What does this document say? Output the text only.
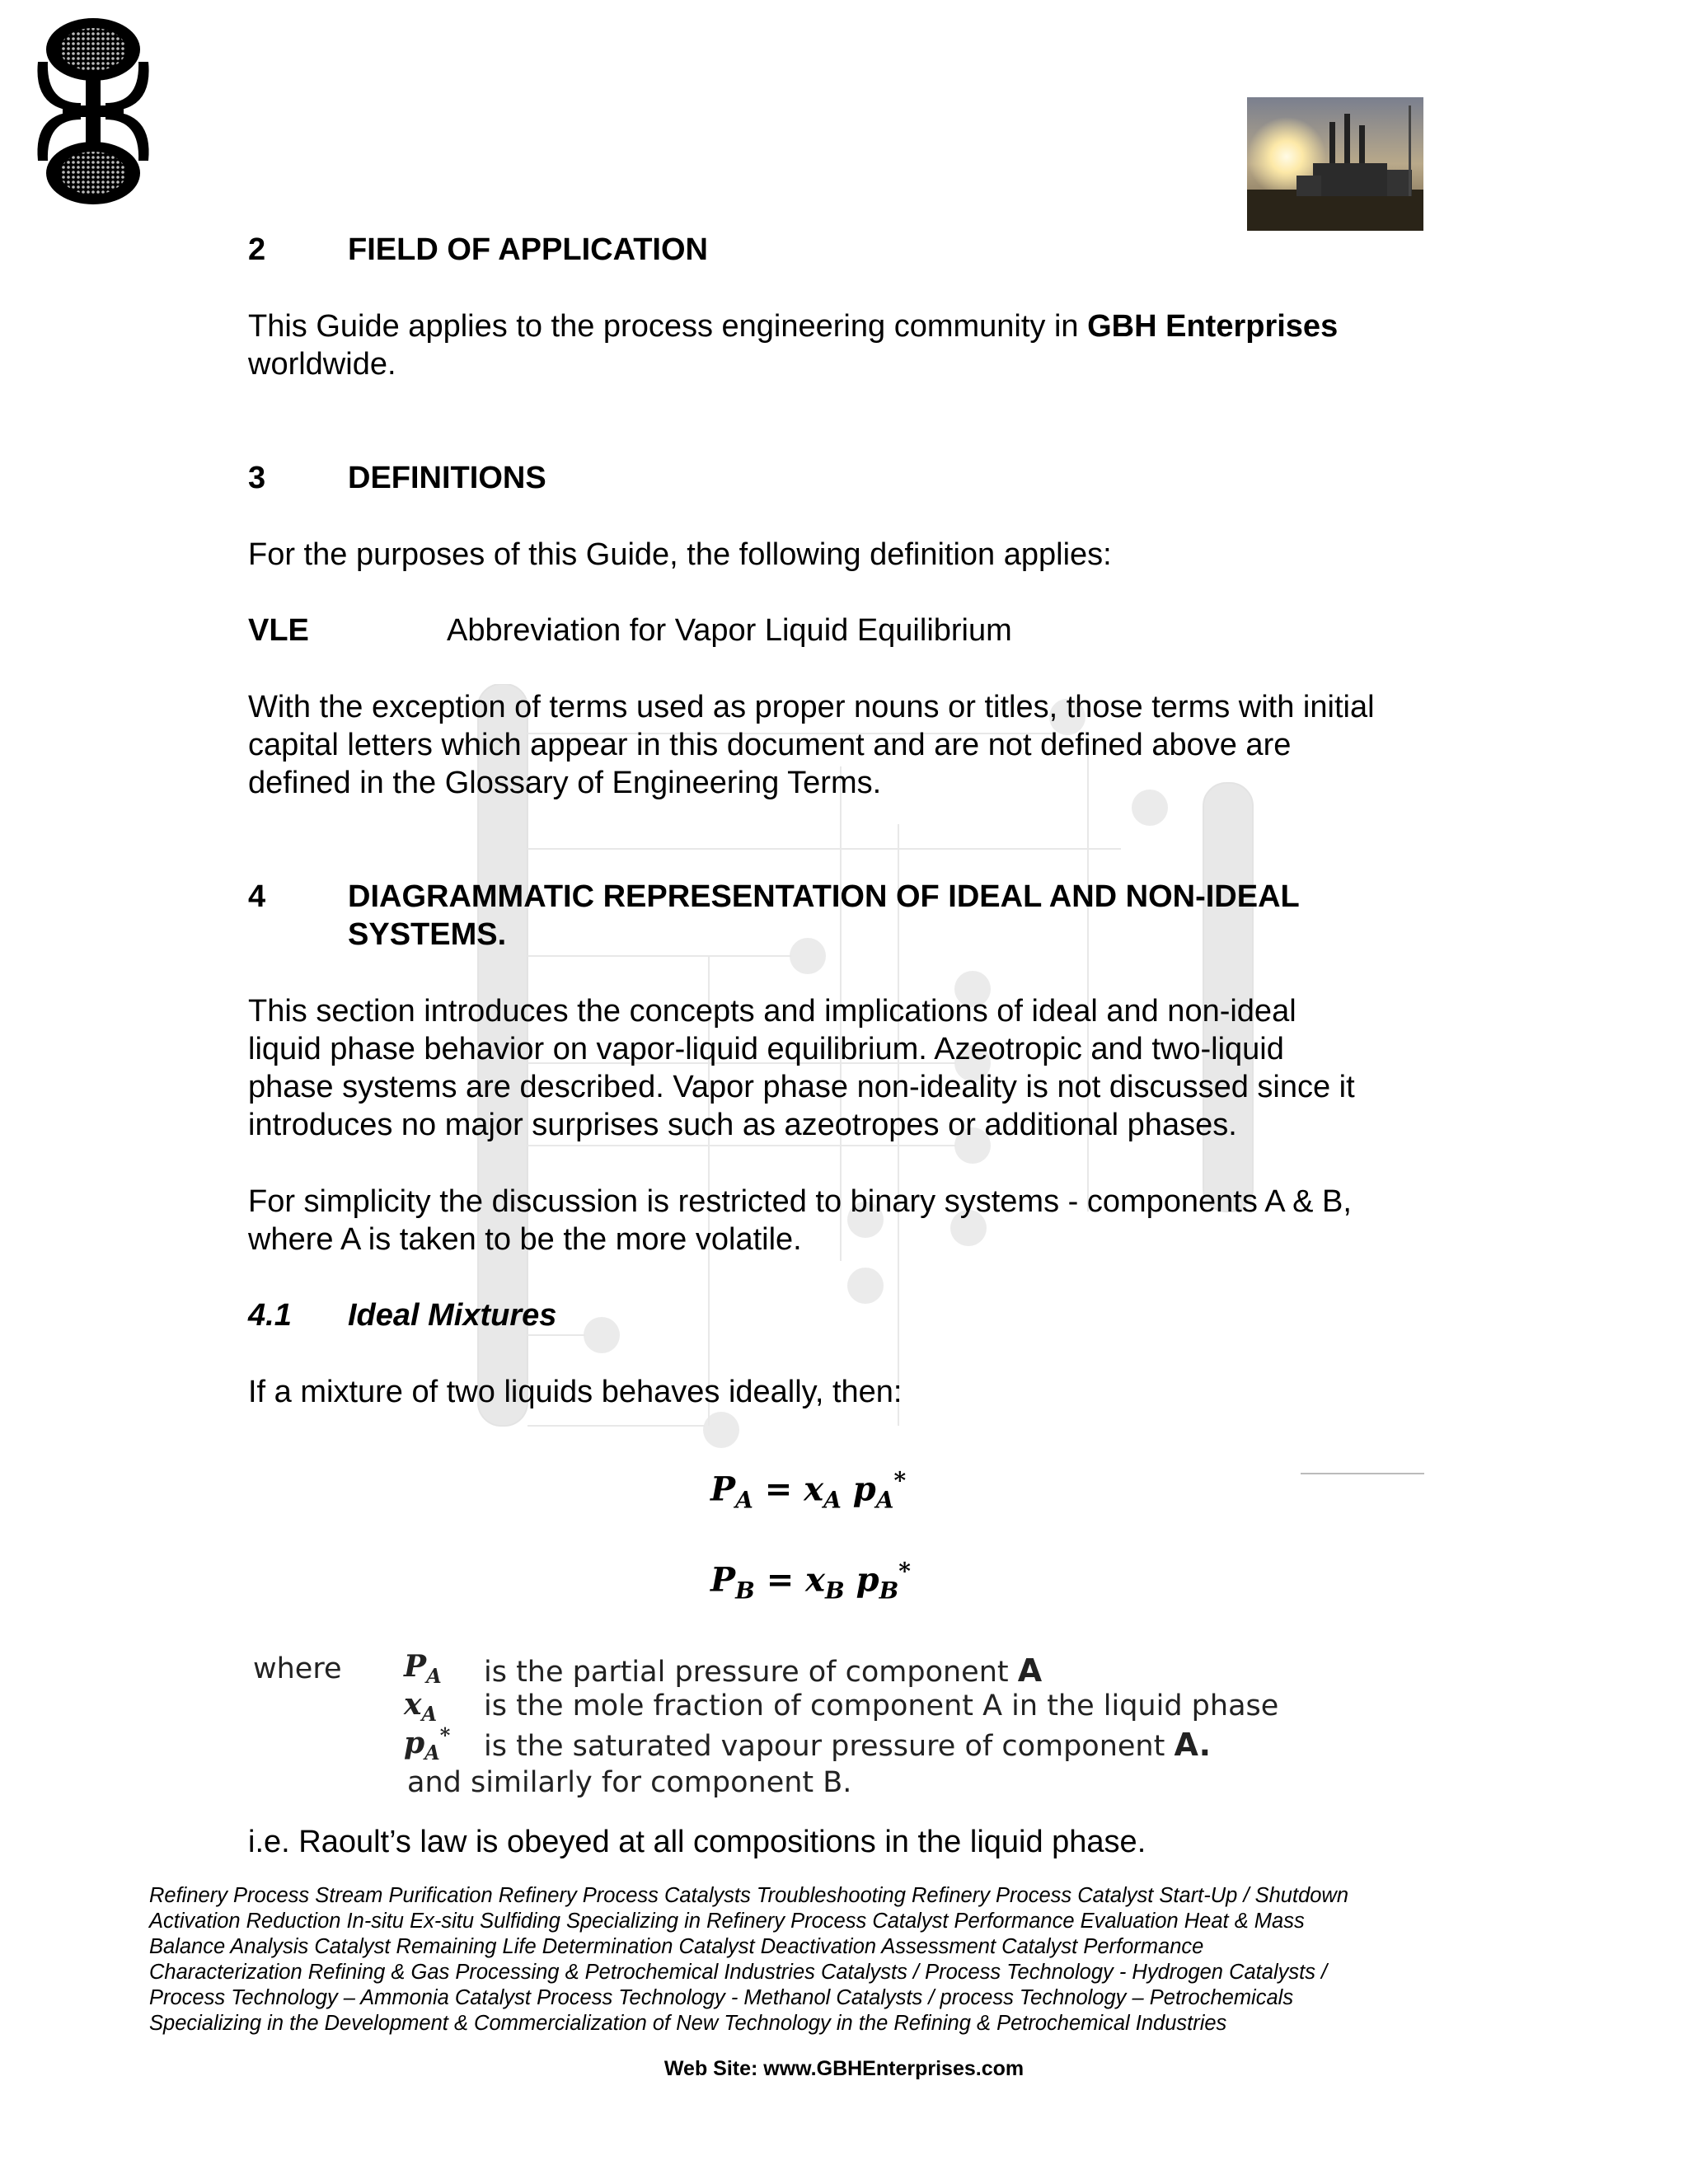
2	FIELD OF APPLICATION
This Guide applies to the process engineering community in GBH Enterprises
worldwide.
3	DEFINITIONS
For the purposes of this Guide, the following definition applies:
VLE	Abbreviation for Vapor Liquid Equilibrium
With the exception of terms used as proper nouns or titles, those terms with initial
capital letters which appear in this document and are not defined above are
defined in the Glossary of Engineering Terms.
4	DIAGRAMMATIC REPRESENTATION OF IDEAL AND NON-IDEAL
SYSTEMS.
This section introduces the concepts and implications of ideal and non-ideal
liquid phase behavior on vapor-liquid equilibrium. Azeotropic and two-liquid
phase systems are described. Vapor phase non-ideality is not discussed since it
introduces no major surprises such as azeotropes or additional phases.
For simplicity the discussion is restricted to binary systems - components A & B,
where A is taken to be the more volatile.
4.1 Ideal Mixtures
If a mixture of two liquids behaves ideally, then:
$P_A = x_A$ $p_A^*$
$P_B = x_B$ $p_B^*$
where $P_A$ is the partial pressure of component A
$x_A$ is the mole fraction of component A in the liquid phase
$p_A^*$ is the saturated vapour pressure of component A.
and similarly for component B.
i.e. Raoult’s law is obeyed at all compositions in the liquid phase.
Refinery Process Stream Purification Refinery Process Catalysts Troubleshooting Refinery Process Catalyst Start-Up / Shutdown
Activation Reduction In-situ Ex-situ Sulfiding Specializing in Refinery Process Catalyst Performance Evaluation Heat & Mass
Balance Analysis Catalyst Remaining Life Determination Catalyst Deactivation Assessment Catalyst Performance
Characterization Refining & Gas Processing & Petrochemical Industries Catalysts / Process Technology - Hydrogen Catalysts /
Process Technology – Ammonia Catalyst Process Technology - Methanol Catalysts / process Technology – Petrochemicals
Specializing in the Development & Commercialization of New Technology in the Refining & Petrochemical Industries
Web Site: www.GBHEnterprises.com
